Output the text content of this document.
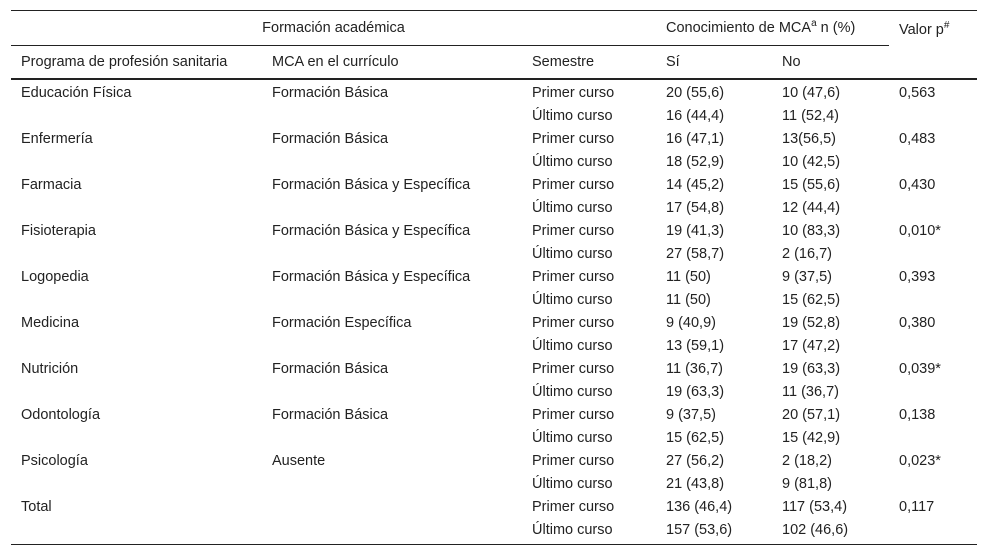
Formación académica			Conocimiento de MCA$^a$ n (%)		Valor p#
Programa de profesión sanitaria	MCA en el currículo	Semestre	Sí	No	
Educación Física	Formación Básica	Primer curso	20 (55,6)	10 (47,6)	0,563
		Último curso	16 (44,4)	11 (52,4)	
Enfermería	Formación Básica	Primer curso	16 (47,1)	13(56,5)	0,483
		Último curso	18 (52,9)	10 (42,5)	
Farmacia	Formación Básica y Específica	Primer curso	14 (45,2)	15 (55,6)	0,430
		Último curso	17 (54,8)	12 (44,4)	
Fisioterapia	Formación Básica y Específica	Primer curso	19 (41,3)	10 (83,3)	0,010*
		Último curso	27 (58,7)	2 (16,7)	
Logopedia	Formación Básica y Específica	Primer curso	11 (50)	9 (37,5)	0,393
		Último curso	11 (50)	15 (62,5)	
Medicina	Formación Específica	Primer curso	9 (40,9)	19 (52,8)	0,380
		Último curso	13 (59,1)	17 (47,2)	
Nutrición	Formación Básica	Primer curso	11 (36,7)	19 (63,3)	0,039*
		Último curso	19 (63,3)	11 (36,7)	
Odontología	Formación Básica	Primer curso	9 (37,5)	20 (57,1)	0,138
		Último curso	15 (62,5)	15 (42,9)	
Psicología	Ausente	Primer curso	27 (56,2)	2 (18,2)	0,023*
		Último curso	21 (43,8)	9 (81,8)	
Total		Primer curso	136 (46,4)	117 (53,4)	0,117
		Último curso	157 (53,6)	102 (46,6)	
